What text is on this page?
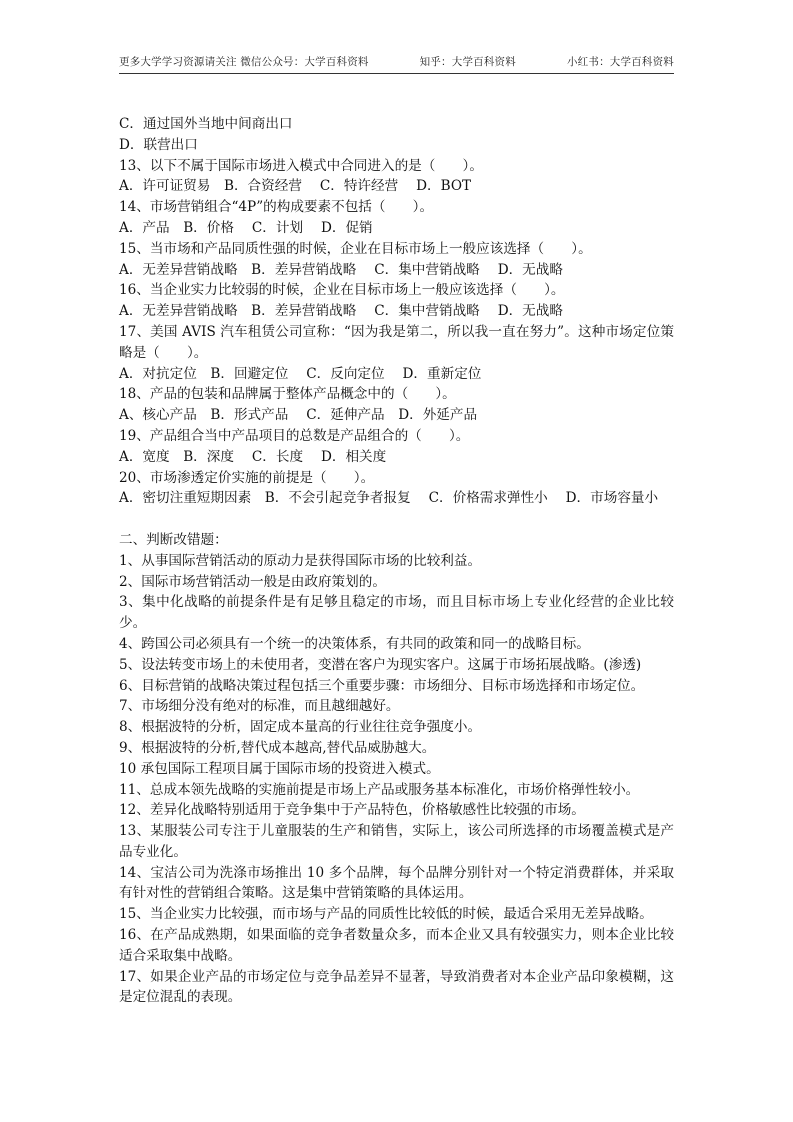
更多大学学习资源请关注 微信公众号：大学百科资料	知乎：大学百科资料	小红书：大学百科资料
C．通过国外当地中间商出口
D．联营出口
13、以下不属于国际市场进入模式中合同进入的是（　　）。
A．许可证贸易　B．合资经营　 C．特许经营　 D．BOT
14、市场营销组合“4P”的构成要素不包括（　　）。
A．产品　B．价格　 C．计划　 D．促销
15、当市场和产品同质性强的时候，企业在目标市场上一般应该选择（　　）。
A．无差异营销战略　B．差异营销战略　 C．集中营销战略　 D．无战略
16、当企业实力比较弱的时候，企业在目标市场上一般应该选择（　　）。
A．无差异营销战略　B．差异营销战略　 C．集中营销战略　 D．无战略
17、美国 AVIS 汽车租赁公司宣称：“因为我是第二，所以我一直在努力”。这种市场定位策略是（　　）。
A．对抗定位　B．回避定位　 C．反向定位　 D．重新定位
18、产品的包装和品牌属于整体产品概念中的（　　）。
A、核心产品　B．形式产品　 C．延伸产品　D．外延产品
19、产品组合当中产品项目的总数是产品组合的（　　）。
A．宽度　B．深度　 C．长度　 D．相关度
20、市场渗透定价实施的前提是（　　）。
A．密切注重短期因素　B．不会引起竞争者报复　 C．价格需求弹性小　 D．市场容量小
二、判断改错题：
1、从事国际营销活动的原动力是获得国际市场的比较利益。
2、国际市场营销活动一般是由政府策划的。
3、集中化战略的前提条件是有足够且稳定的市场，而且目标市场上专业化经营的企业比较少。
4、跨国公司必须具有一个统一的决策体系，有共同的政策和同一的战略目标。
5、设法转变市场上的未使用者，变潜在客户为现实客户。这属于市场拓展战略。(渗透)
6、目标营销的战略决策过程包括三个重要步骤：市场细分、目标市场选择和市场定位。
7、市场细分没有绝对的标准，而且越细越好。
8、根据波特的分析，固定成本量高的行业往往竞争强度小。
9、根据波特的分析,替代成本越高,替代品威胁越大。
10 承包国际工程项目属于国际市场的投资进入模式。
11、总成本领先战略的实施前提是市场上产品或服务基本标准化，市场价格弹性较小。
12、差异化战略特别适用于竞争集中于产品特色，价格敏感性比较强的市场。
13、某服装公司专注于儿童服装的生产和销售，实际上，该公司所选择的市场覆盖模式是产品专业化。
14、宝洁公司为洗涤市场推出 10 多个品牌，每个品牌分别针对一个特定消费群体，并采取有针对性的营销组合策略。这是集中营销策略的具体运用。
15、当企业实力比较强，而市场与产品的同质性比较低的时候，最适合采用无差异战略。
16、在产品成熟期，如果面临的竞争者数量众多，而本企业又具有较强实力，则本企业比较适合采取集中战略。
17、如果企业产品的市场定位与竞争品差异不显著，导致消费者对本企业产品印象模糊，这是定位混乱的表现。
